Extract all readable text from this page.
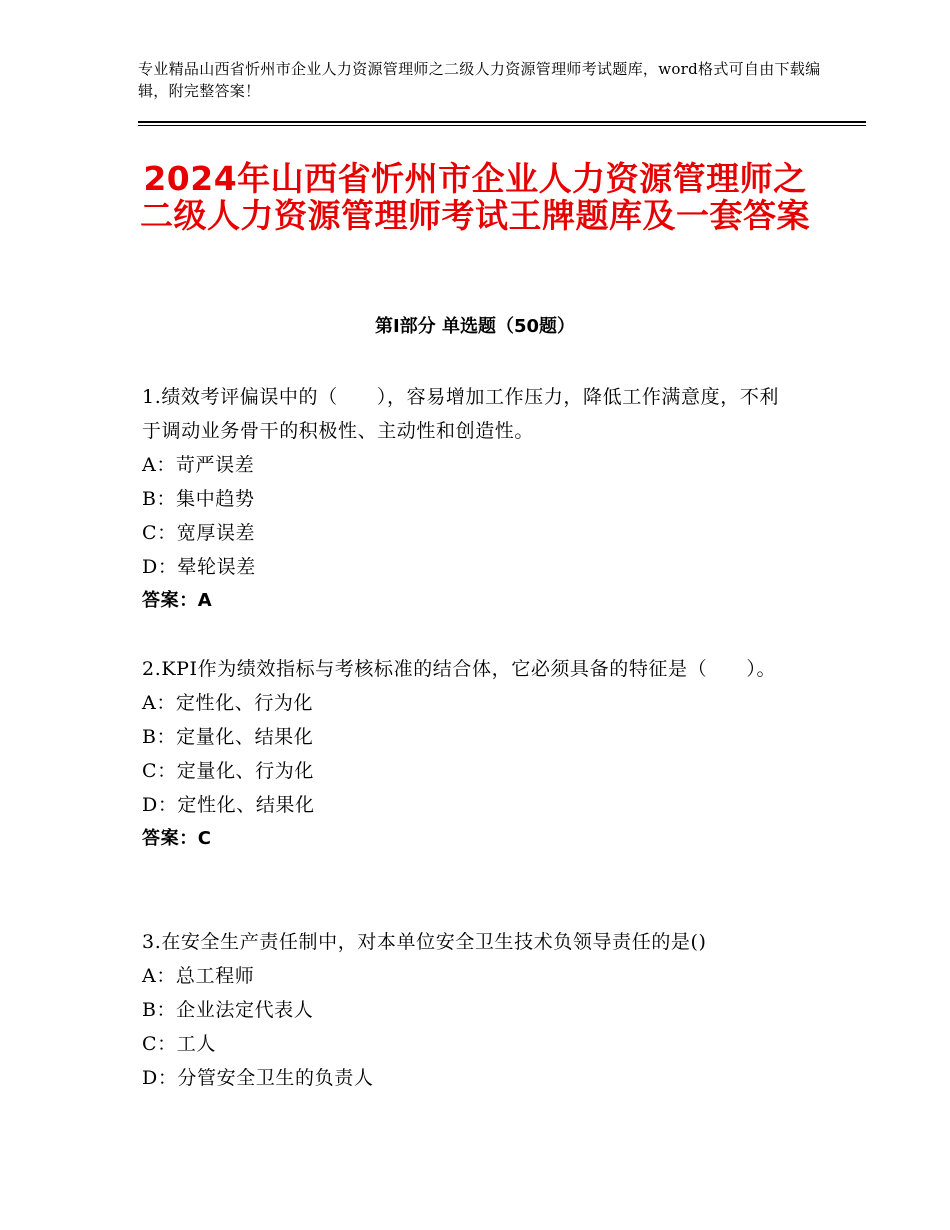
专业精品山西省忻州市企业人力资源管理师之二级人力资源管理师考试题库，word格式可自由下载编辑，附完整答案！
2024年山西省忻州市企业人力资源管理师之二级人力资源管理师考试王牌题库及一套答案
第Ⅰ部分 单选题（50题）
1.绩效考评偏误中的（　　），容易增加工作压力，降低工作满意度，不利于调动业务骨干的积极性、主动性和创造性。
A：苛严误差
B：集中趋势
C：宽厚误差
D：晕轮误差
答案：A
2.KPI作为绩效指标与考核标准的结合体，它必须具备的特征是（　　）。
A：定性化、行为化
B：定量化、结果化
C：定量化、行为化
D：定性化、结果化
答案：C
3.在安全生产责任制中，对本单位安全卫生技术负领导责任的是()
A：总工程师
B：企业法定代表人
C：工人
D：分管安全卫生的负责人
